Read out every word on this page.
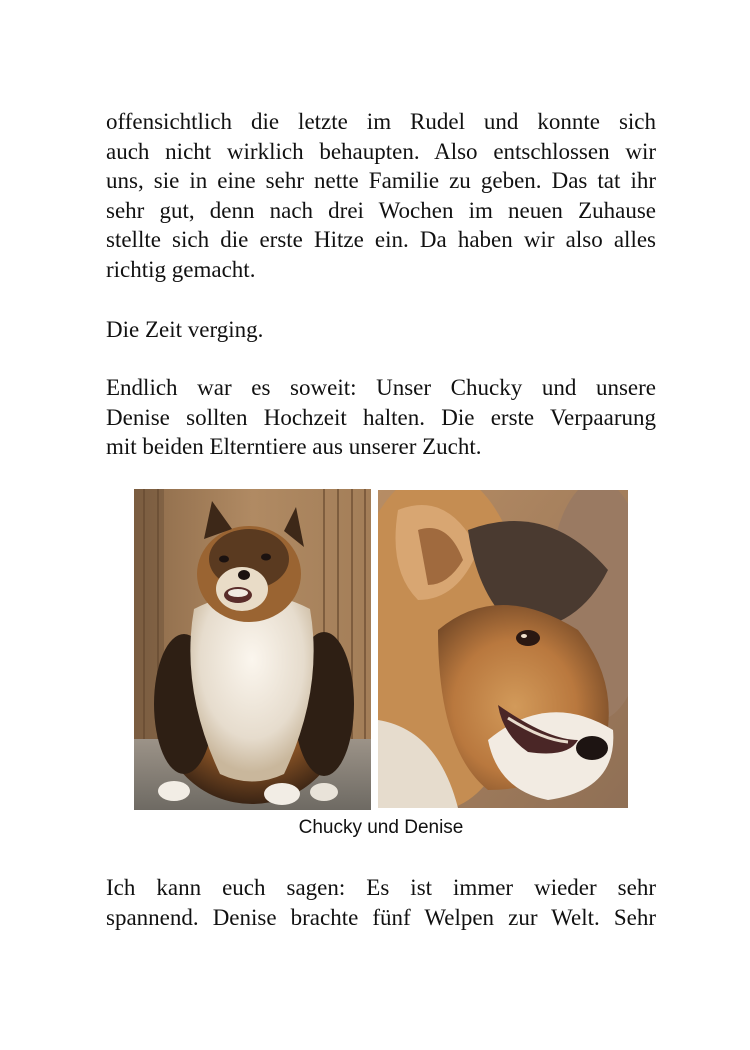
offensichtlich die letzte im Rudel und konnte sich
auch nicht wirklich behaupten. Also entschlossen wir
uns, sie in eine sehr nette Familie zu geben. Das tat ihr
sehr gut, denn nach drei Wochen im neuen Zuhause
stellte sich die erste Hitze ein. Da haben wir also alles
richtig gemacht.

Die Zeit verging.

Endlich war es soweit: Unser Chucky und unsere
Denise sollten Hochzeit halten. Die erste Verpaarung
mit beiden Elterntiere aus unserer Zucht.

Chucky und Denise

Ich kann euch sagen: Es ist immer wieder sehr
spannend. Denise brachte fünf Welpen zur Welt. Sehr
